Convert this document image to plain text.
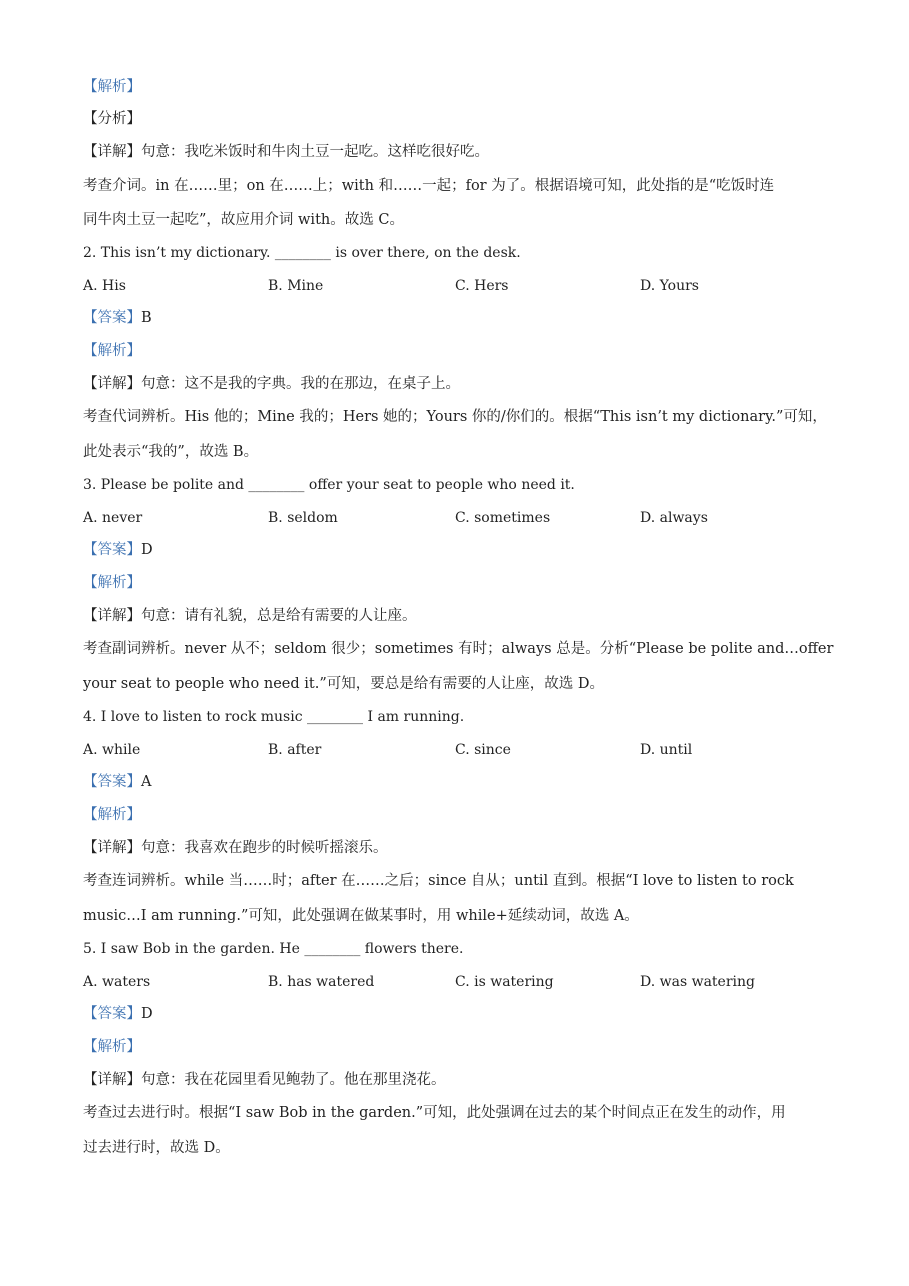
【解析】
【分析】
【详解】句意：我吃米饭时和牛肉土豆一起吃。这样吃很好吃。
考查介词。in 在……里；on 在……上；with 和……一起；for 为了。根据语境可知，此处指的是“吃饭时连
同牛肉土豆一起吃”，故应用介词 with。故选 C。
2. This isn’t my dictionary. ________ is over there, on the desk.
A. His	B. Mine	C. Hers	D. Yours
【答案】B
【解析】
【详解】句意：这不是我的字典。我的在那边，在桌子上。
考查代词辨析。His 他的；Mine 我的；Hers 她的；Yours 你的/你们的。根据“This isn’t my dictionary.”可知，
此处表示“我的”，故选 B。
3. Please be polite and ________ offer your seat to people who need it.
A. never	B. seldom	C. sometimes	D. always
【答案】D
【解析】
【详解】句意：请有礼貌，总是给有需要的人让座。
考查副词辨析。never 从不；seldom 很少；sometimes 有时；always 总是。分析“Please be polite and…offer
your seat to people who need it.”可知，要总是给有需要的人让座，故选 D。
4. I love to listen to rock music ________ I am running.
A. while	B. after	C. since	D. until
【答案】A
【解析】
【详解】句意：我喜欢在跑步的时候听摇滚乐。
考查连词辨析。while 当……时；after 在……之后；since 自从；until 直到。根据“I love to listen to rock
music…I am running.”可知，此处强调在做某事时，用 while+延续动词，故选 A。
5. I saw Bob in the garden. He ________ flowers there.
A. waters	B. has watered	C. is watering	D. was watering
【答案】D
【解析】
【详解】句意：我在花园里看见鲍勃了。他在那里浇花。
考查过去进行时。根据“I saw Bob in the garden.”可知，此处强调在过去的某个时间点正在发生的动作，用
过去进行时，故选 D。
